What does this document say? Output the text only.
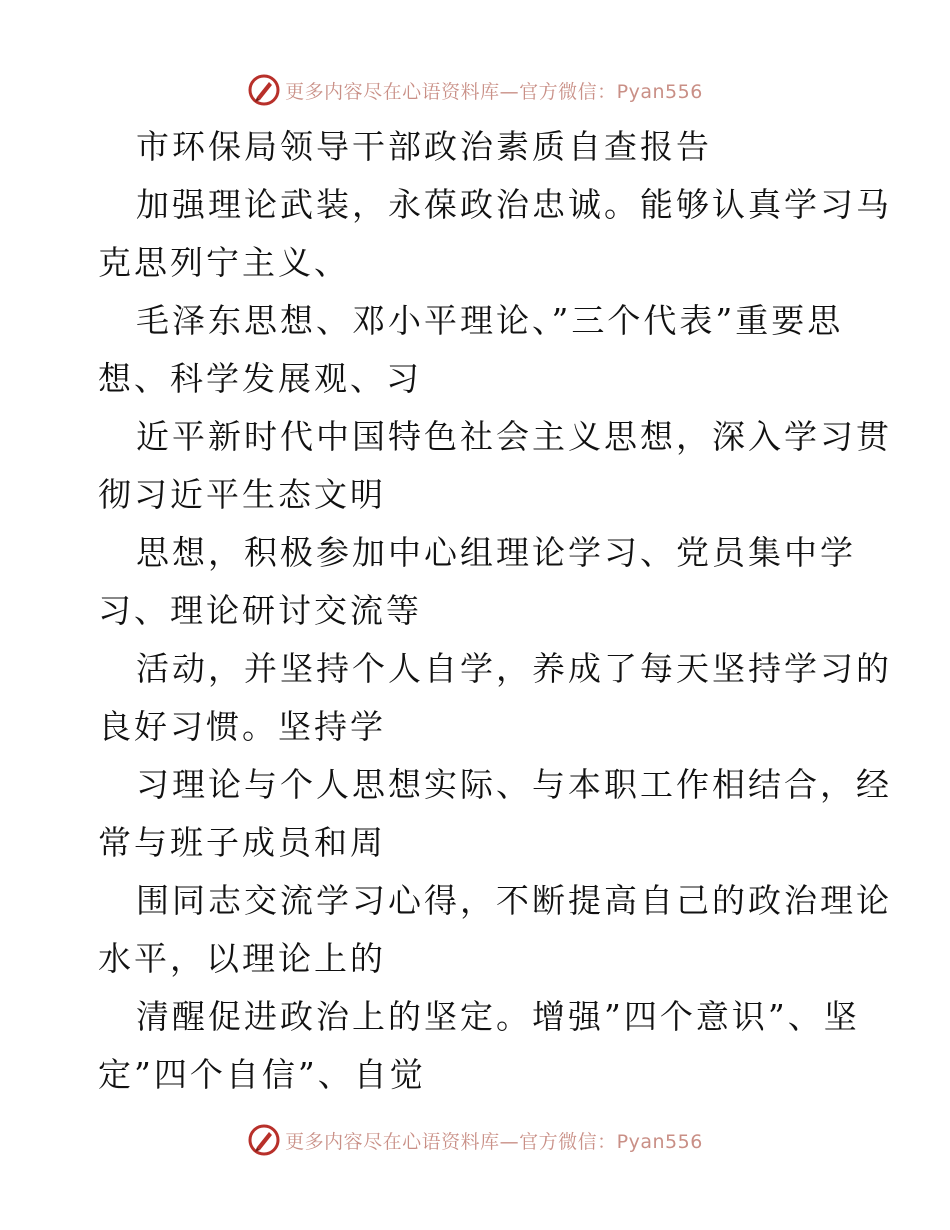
更多内容尽在心语资料库—官方微信：Pyan556
市环保局领导干部政治素质自查报告
加强理论武装，永葆政治忠诚。能够认真学习马
克思列宁主义、
毛泽东思想、邓小平理论、”三个代表”重要思
想、科学发展观、习
近平新时代中国特色社会主义思想，深入学习贯
彻习近平生态文明
思想，积极参加中心组理论学习、党员集中学
习、理论研讨交流等
活动，并坚持个人自学，养成了每天坚持学习的
良好习惯。坚持学
习理论与个人思想实际、与本职工作相结合，经
常与班子成员和周
围同志交流学习心得，不断提高自己的政治理论
水平，以理论上的
清醒促进政治上的坚定。增强”四个意识”、坚
定”四个自信”、自觉
更多内容尽在心语资料库—官方微信：Pyan556
